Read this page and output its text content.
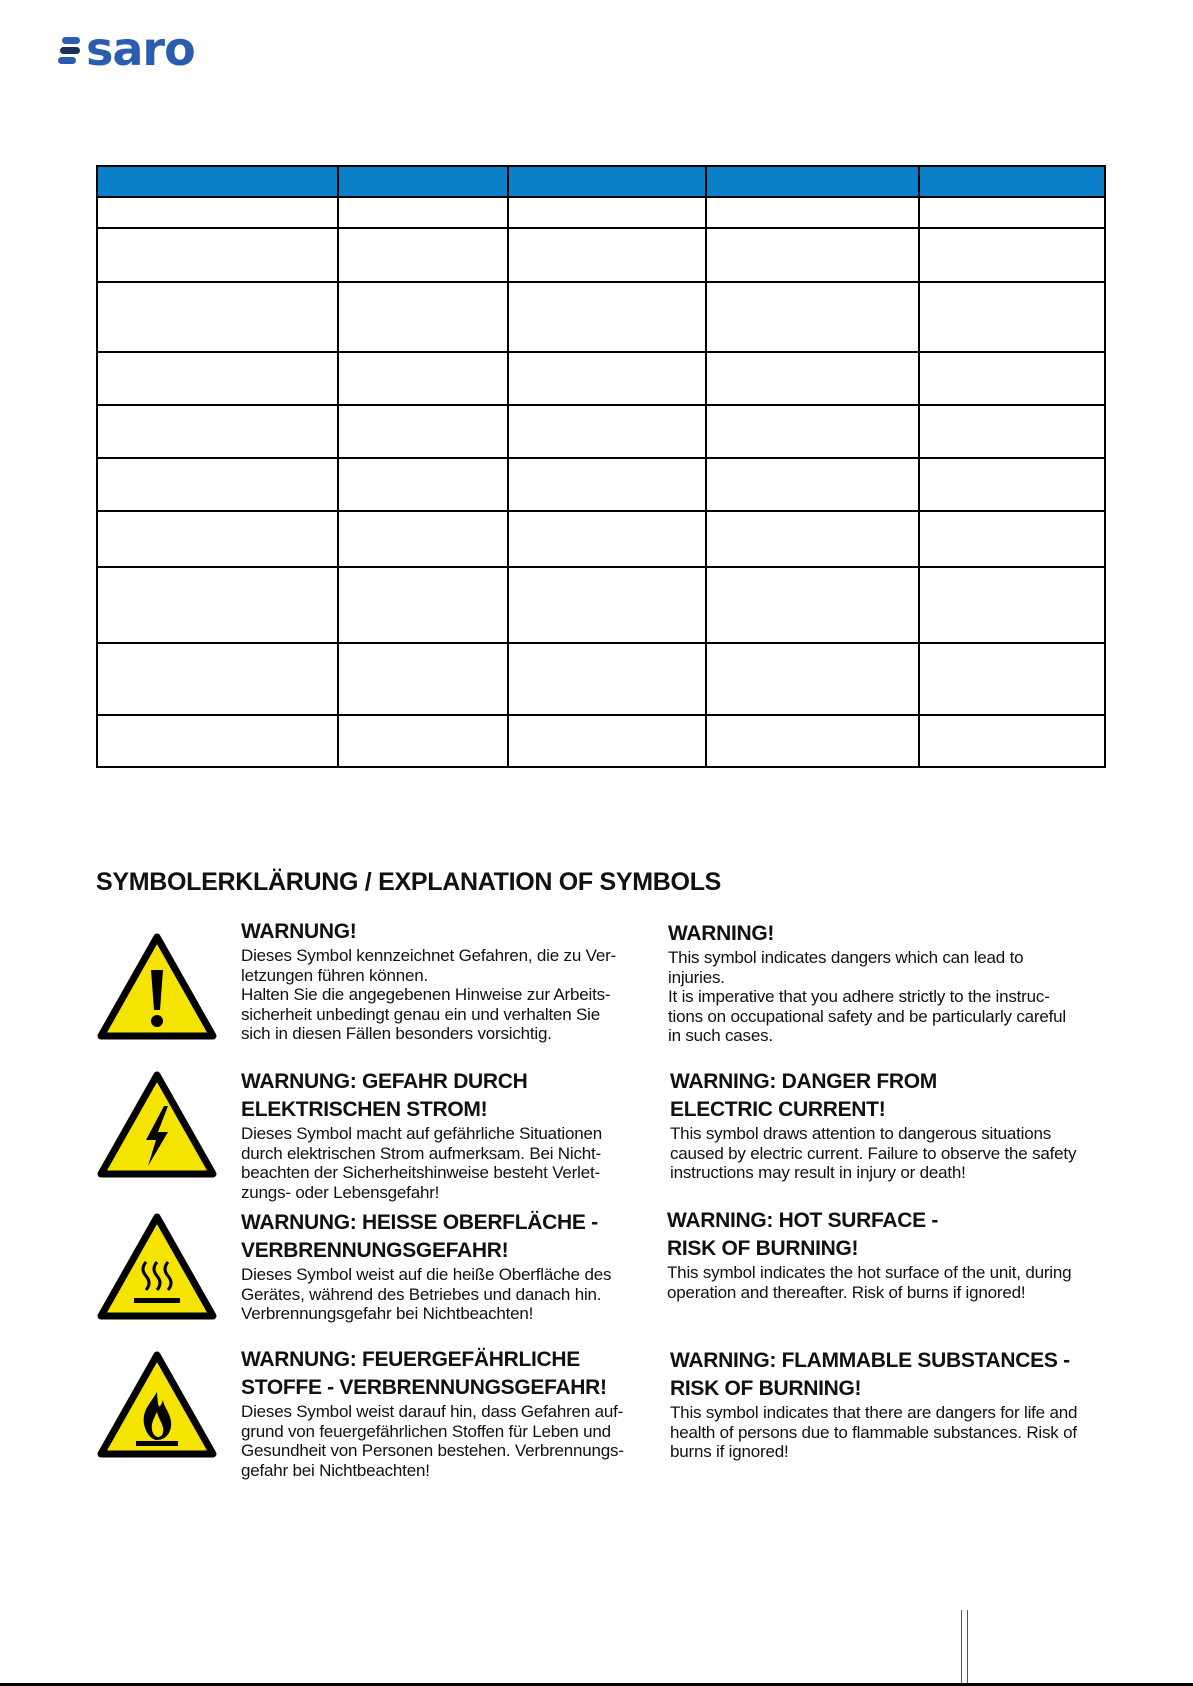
saro

SYMBOLERKLÄRUNG / EXPLANATION OF SYMBOLS
WARNUNG!

Dieses Symbol kennzeichnet Gefahren, die zu Ver-
letzungen führen können.
Halten Sie die angegebenen Hinweise zur Arbeits-
sicherheit unbedingt genau ein und verhalten Sie
sich in diesen Fällen besonders vorsichtig.

WARNING!

This symbol indicates dangers which can lead to
injuries.
It is imperative that you adhere strictly to the instruc-
tions on occupational safety and be particularly careful
in such cases.

WARNUNG: GEFAHR DURCH
ELEKTRISCHEN STROM!

Dieses Symbol macht auf gefährliche Situationen
durch elektrischen Strom aufmerksam. Bei Nicht-
beachten der Sicherheitshinweise besteht Verlet-
zungs- oder Lebensgefahr!

WARNING: DANGER FROM
ELECTRIC CURRENT!

This symbol draws attention to dangerous situations
caused by electric current. Failure to observe the safety
instructions may result in injury or death!

WARNUNG: HEISSE OBERFLÄCHE -
VERBRENNUNGSGEFAHR!

Dieses Symbol weist auf die heiße Oberfläche des
Gerätes, während des Betriebes und danach hin.
Verbrennungsgefahr bei Nichtbeachten!

WARNING: HOT SURFACE -
RISK OF BURNING!

This symbol indicates the hot surface of the unit, during
operation and thereafter. Risk of burns if ignored!

WARNUNG: FEUERGEFÄHRLICHE
STOFFE - VERBRENNUNGSGEFAHR!

Dieses Symbol weist darauf hin, dass Gefahren auf-
grund von feuergefährlichen Stoffen für Leben und
Gesundheit von Personen bestehen. Verbrennungs-
gefahr bei Nichtbeachten!

WARNING: FLAMMABLE SUBSTANCES -
RISK OF BURNING!

This symbol indicates that there are dangers for life and
health of persons due to flammable substances. Risk of
burns if ignored!
